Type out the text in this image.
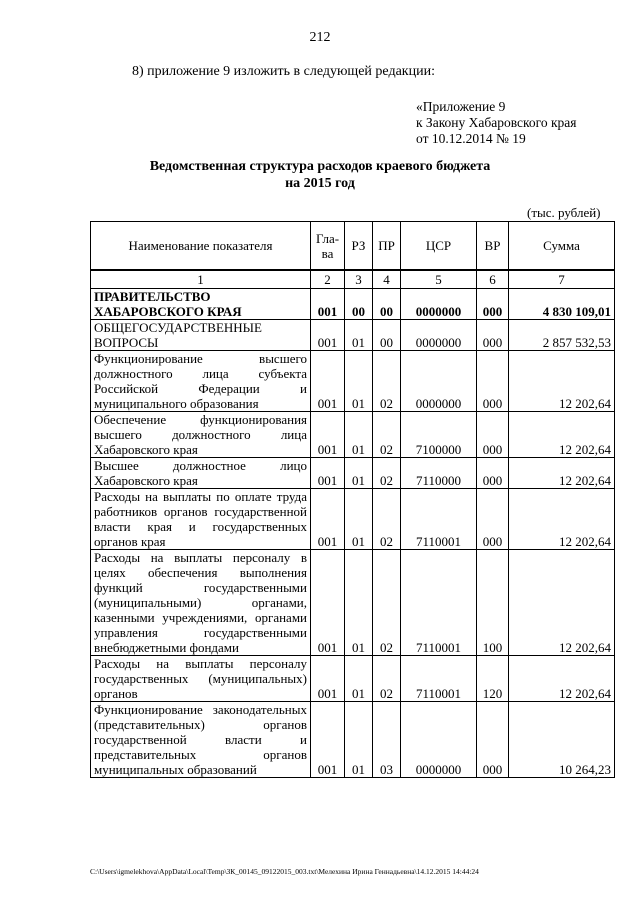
212
8) приложение 9 изложить в следующей редакции:
«Приложение 9
к Закону Хабаровского края
от 10.12.2014 № 19
Ведомственная структура расходов краевого бюджета
на 2015 год
(тыс. рублей)
Наименование показателя	Гла-ва	РЗ	ПР	ЦСР	ВР	Сумма
1	2	3	4	5	6	7
ПРАВИТЕЛЬСТВО ХАБАРОВСКОГО КРАЯ	001	00	00	0000000	000	4 830 109,01
ОБЩЕГОСУДАРСТВЕННЫЕ ВОПРОСЫ	001	01	00	0000000	000	2 857 532,53
Функционирование высшего должностного лица субъекта Российской Федерации и муниципального образования	001	01	02	0000000	000	12 202,64
Обеспечение функционирования высшего должностного лица Хабаровского края	001	01	02	7100000	000	12 202,64
Высшее должностное лицо Хабаровского края	001	01	02	7110000	000	12 202,64
Расходы на выплаты по оплате труда работников органов государственной власти края и государственных органов края	001	01	02	7110001	000	12 202,64
Расходы на выплаты персоналу в целях обеспечения выполнения функций государственными (муниципальными) органами, казенными учреждениями, органами управления государственными внебюджетными фондами	001	01	02	7110001	100	12 202,64
Расходы на выплаты персоналу государственных (муниципальных) органов	001	01	02	7110001	120	12 202,64
Функционирование законодательных (представительных) органов государственной власти и представительных органов муниципальных образований	001	01	03	0000000	000	10 264,23
C:\Users\igmelekhova\AppData\Local\Temp\ЗК_00145_09122015_003.txt\Мелехина Ирина Геннадьевна\14.12.2015 14:44:24
